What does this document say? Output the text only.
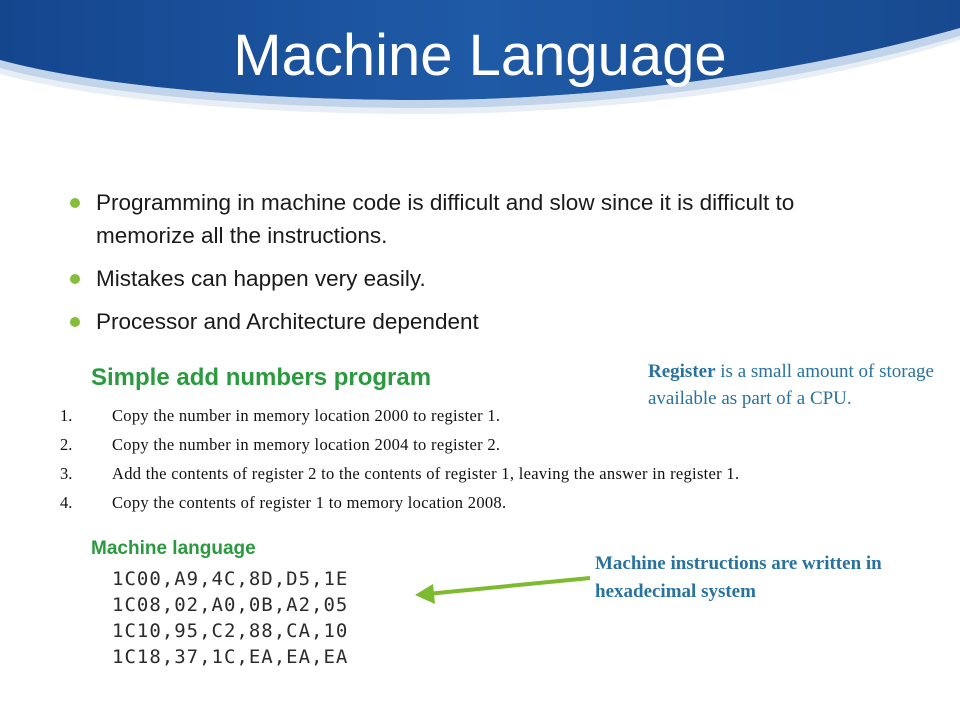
Machine Language
Programming in machine code is difficult and slow since it is difficult to memorize all the instructions.
Mistakes can happen very easily.
Processor and Architecture dependent
Simple add numbers program
1. Copy the number in memory location 2000 to register 1.
2. Copy the number in memory location 2004 to register 2.
3. Add the contents of register 2 to the contents of register 1, leaving the answer in register 1.
4. Copy the contents of register 1 to memory location 2008.
Register is a small amount of storage available as part of a CPU.
Machine language
1C00,A9,4C,8D,D5,1E
1C08,02,A0,0B,A2,05
1C10,95,C2,88,CA,10
1C18,37,1C,EA,EA,EA
Machine instructions are written in hexadecimal system
